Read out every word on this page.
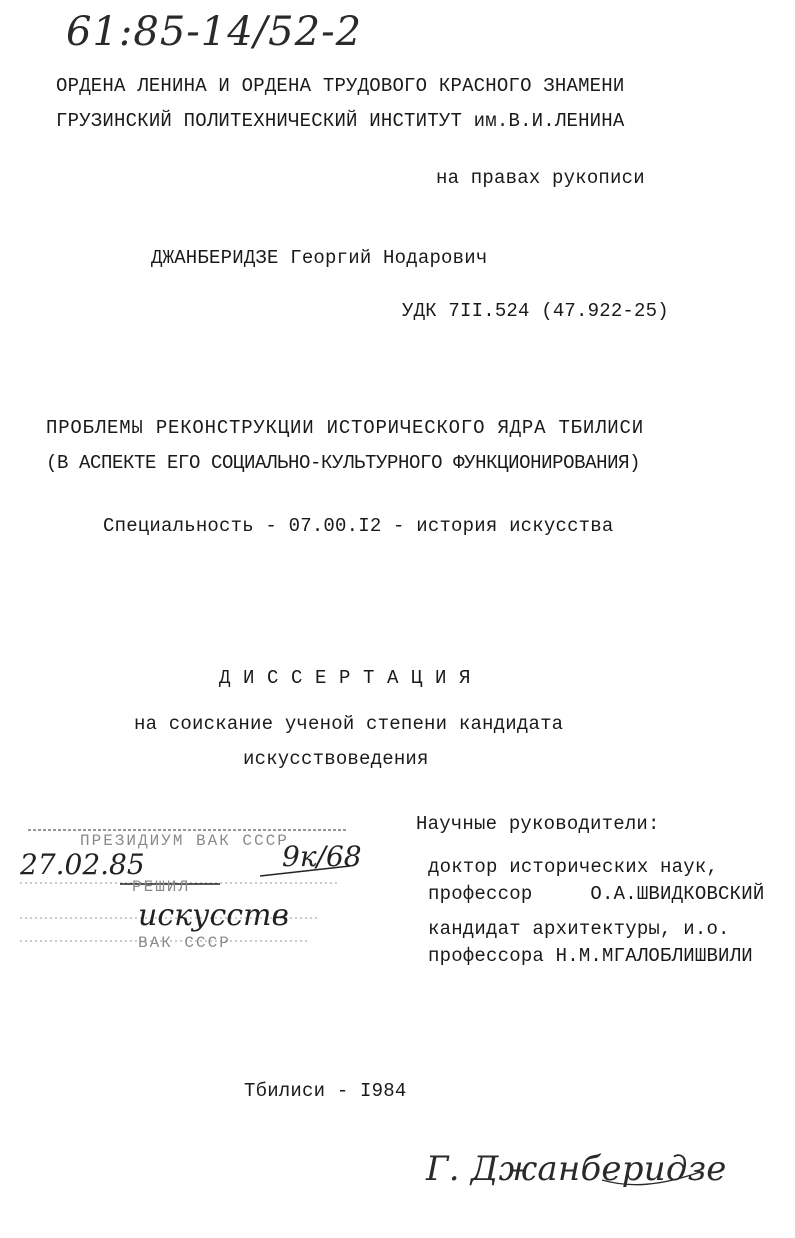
61:85-14/52-2
ОРДЕНА ЛЕНИНА И ОРДЕНА ТРУДОВОГО КРАСНОГО ЗНАМЕНИ
ГРУЗИНСКИЙ ПОЛИТЕХНИЧЕСКИЙ ИНСТИТУТ им.В.И.ЛЕНИНА
на правах рукописи
ДЖАНБЕРИДЗЕ Георгий Нодарович
УДК 7II.524 (47.922-25)
ПРОБЛЕМЫ РЕКОНСТРУКЦИИ ИСТОРИЧЕСКОГО ЯДРА ТБИЛИСИ
(В АСПЕКТЕ ЕГО СОЦИАЛЬНО-КУЛЬТУРНОГО ФУНКЦИОНИРОВАНИЯ)
Специальность - 07.00.I2 - история искусства
Д И С С Е Р Т А Ц И Я
на соискание ученой степени кандидата
искусствоведения
Научные руководители:
доктор исторических наук,
профессор     О.А.ШВИДКОВСКИЙ
кандидат архитектуры, и.о.
профессора Н.М.МГАЛОБЛИШВИЛИ
ПРЕЗИДИУМ ВАК СССР
27.02.85	9к/68
РЕШИЛ
искусств
ВАК СССР
Тбилиси - I984
Г. Джанберидзе
